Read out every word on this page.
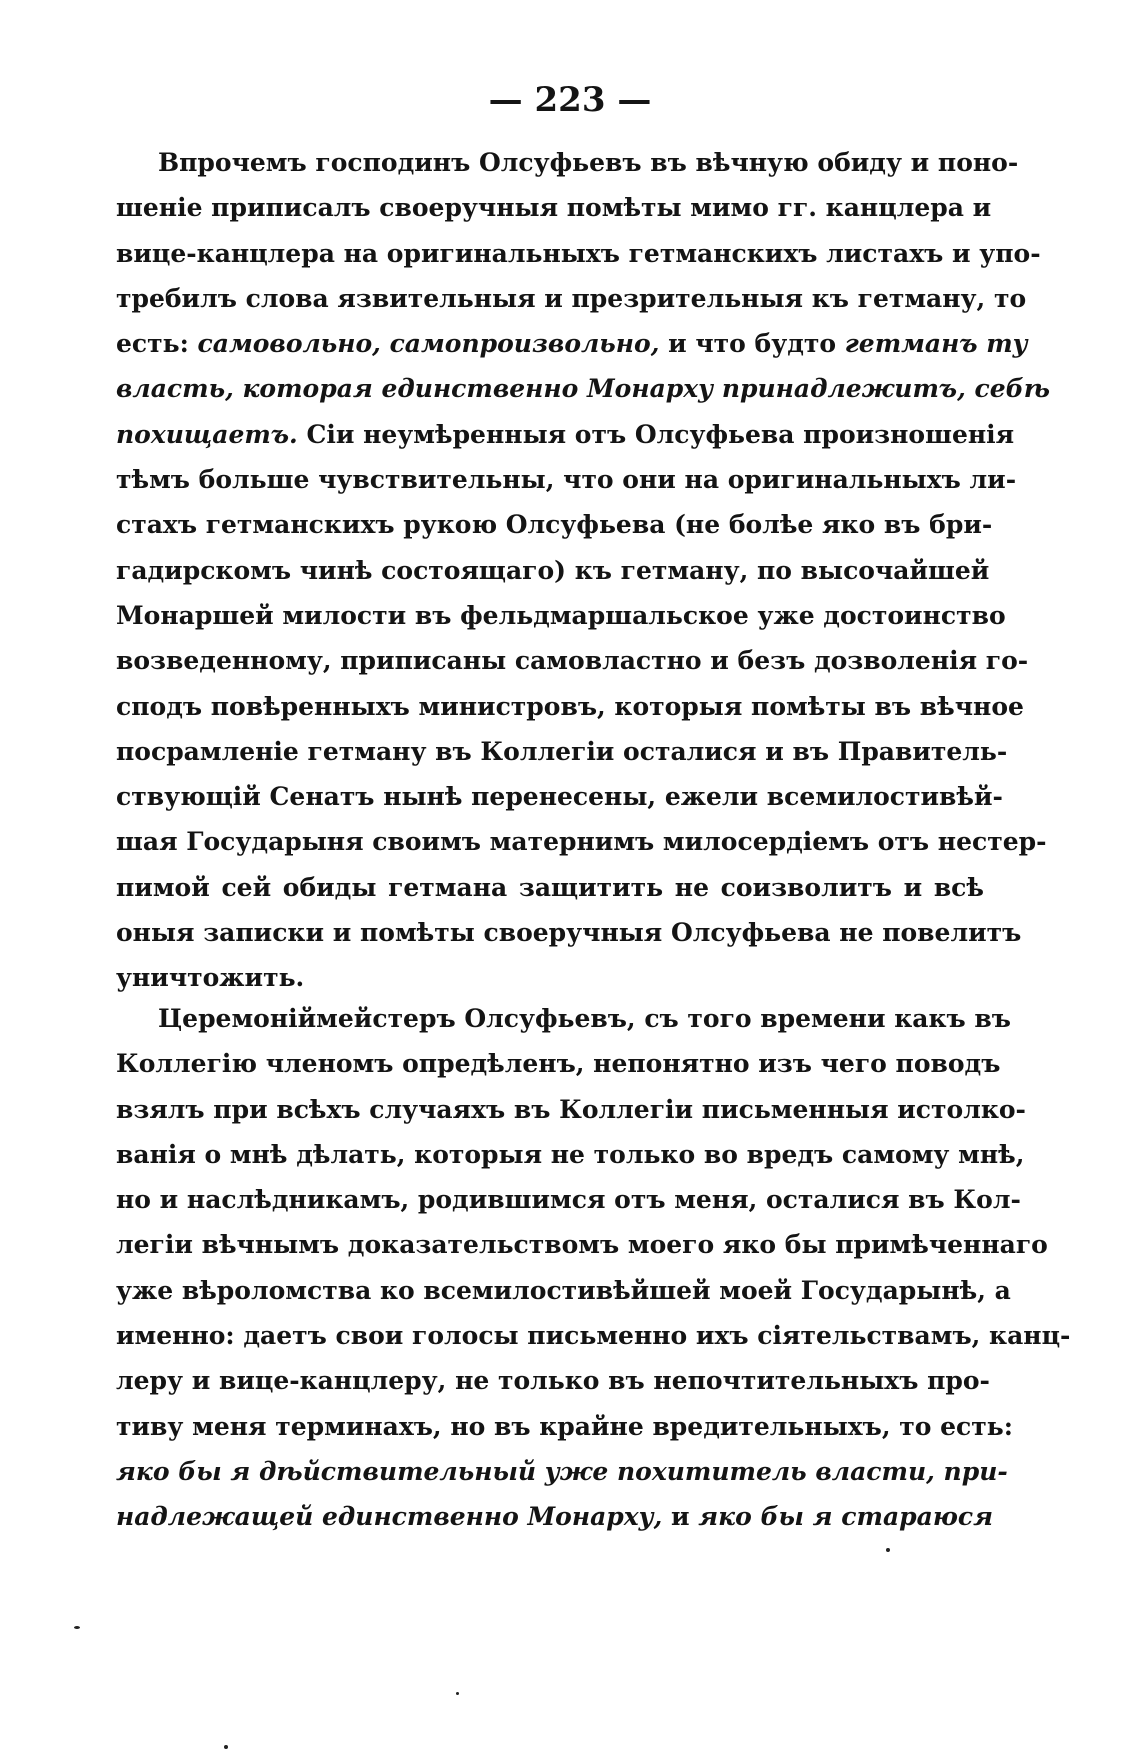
— 223 —
Впрочемъ господинъ Олсуфьевъ въ вѣчную обиду и поно-
шеніе приписалъ своеручныя помѣты мимо гг. канцлера и
вице-канцлера на оригинальныхъ гетманскихъ листахъ и упо-
требилъ слова язвительныя и презрительныя къ гетману, то
есть: самовольно, самопроизвольно, и что будто гетманъ ту
власть, которая единственно Монарху принадлежитъ, себѣ
похищаетъ. Сіи неумѣренныя отъ Олсуфьева произношенія
тѣмъ больше чувствительны, что они на оригинальныхъ ли-
стахъ гетманскихъ рукою Олсуфьева (не болѣе яко въ бри-
гадирскомъ чинѣ состоящаго) къ гетману, по высочайшей
Монаршей милости въ фельдмаршальское уже достоинство
возведенному, приписаны самовластно и безъ дозволенія го-
сподъ повѣренныхъ министровъ, которыя помѣты въ вѣчное
посрамленіе гетману въ Коллегіи осталися и въ Правитель-
ствующій Сенатъ нынѣ перенесены, ежели всемилостивѣй-
шая Государыня своимъ матернимъ милосердіемъ отъ нестер-
пимой сей обиды гетмана защитить не соизволитъ и всѣ
оныя записки и помѣты своеручныя Олсуфьева не повелитъ
уничтожить.
Церемоніймейстеръ Олсуфьевъ, съ того времени какъ въ
Коллегію членомъ опредѣленъ, непонятно изъ чего поводъ
взялъ при всѣхъ случаяхъ въ Коллегіи письменныя истолко-
ванія о мнѣ дѣлать, которыя не только во вредъ самому мнѣ,
но и наслѣдникамъ, родившимся отъ меня, осталися въ Кол-
легіи вѣчнымъ доказательствомъ моего яко бы примѣченнаго
уже вѣроломства ко всемилостивѣйшей моей Государынѣ, а
именно: даетъ свои голосы письменно ихъ сіятельствамъ, канц-
леру и вице-канцлеру, не только въ непочтительныхъ про-
тиву меня терминахъ, но въ крайне вредительныхъ, то есть:
яко бы я дѣйствительный уже похититель власти, при-
надлежащей единственно Монарху, и яко бы я стараюся
